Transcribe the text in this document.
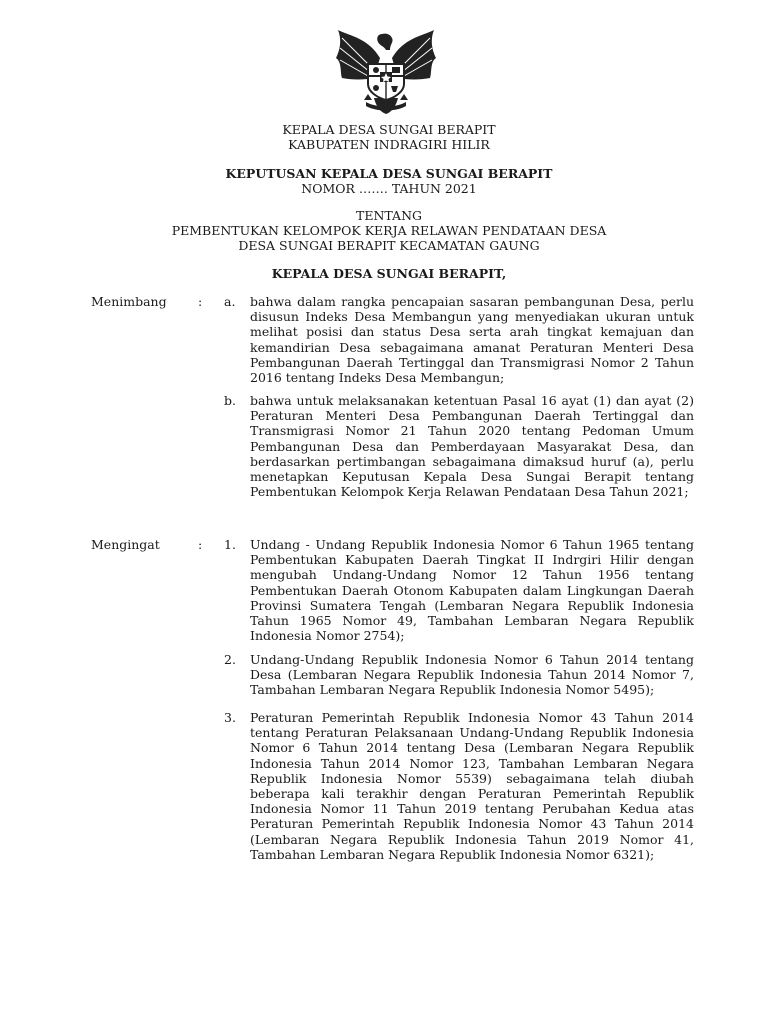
KEPALA DESA SUNGAI BERAPIT
KABUPATEN INDRAGIRI HILIR
KEPUTUSAN KEPALA DESA SUNGAI BERAPIT
NOMOR ……. TAHUN 2021
TENTANG
PEMBENTUKAN KELOMPOK KERJA RELAWAN PENDATAAN DESA
DESA SUNGAI BERAPIT KECAMATAN GAUNG
KEPALA DESA SUNGAI BERAPIT,
Menimbang	: a. bahwa dalam rangka pencapaian sasaran pembangunan Desa, perlu disusun Indeks Desa Membangun yang menyediakan ukuran untuk melihat posisi dan status Desa serta arah tingkat kemajuan dan kemandirian Desa sebagaimana amanat Peraturan Menteri Desa Pembangunan Daerah Tertinggal dan Transmigrasi Nomor 2 Tahun 2016 tentang Indeks Desa Membangun;

b. bahwa untuk melaksanakan ketentuan Pasal 16 ayat (1) dan ayat (2) Peraturan Menteri Desa Pembangunan Daerah Tertinggal dan Transmigrasi Nomor 21 Tahun 2020 tentang Pedoman Umum Pembangunan Desa dan Pemberdayaan Masyarakat Desa, dan berdasarkan pertimbangan sebagaimana dimaksud huruf (a), perlu menetapkan Keputusan Kepala Desa Sungai Berapit tentang Pembentukan Kelompok Kerja Relawan Pendataan Desa Tahun 2021;

Mengingat	: 1. Undang - Undang Republik Indonesia Nomor 6 Tahun 1965 tentang Pembentukan Kabupaten Daerah Tingkat II Indrgiri Hilir dengan mengubah Undang-Undang Nomor 12 Tahun 1956 tentang Pembentukan Daerah Otonom Kabupaten dalam Lingkungan Daerah Provinsi Sumatera Tengah (Lembaran Negara Republik Indonesia Tahun 1965 Nomor 49, Tambahan Lembaran Negara Republik Indonesia Nomor 2754);

2. Undang-Undang Republik Indonesia Nomor 6 Tahun 2014 tentang Desa (Lembaran Negara Republik Indonesia Tahun 2014 Nomor 7, Tambahan Lembaran Negara Republik Indonesia Nomor 5495);

3. Peraturan Pemerintah Republik Indonesia Nomor 43 Tahun 2014 tentang Peraturan Pelaksanaan Undang-Undang Republik Indonesia Nomor 6 Tahun 2014 tentang Desa (Lembaran Negara Republik Indonesia Tahun 2014 Nomor 123, Tambahan Lembaran Negara Republik Indonesia Nomor 5539) sebagaimana telah diubah beberapa kali terakhir dengan Peraturan Pemerintah Republik Indonesia Nomor 11 Tahun 2019 tentang Perubahan Kedua atas Peraturan Pemerintah Republik Indonesia Nomor 43 Tahun 2014 (Lembaran Negara Republik Indonesia Tahun 2019 Nomor 41, Tambahan Lembaran Negara Republik Indonesia Nomor 6321);
